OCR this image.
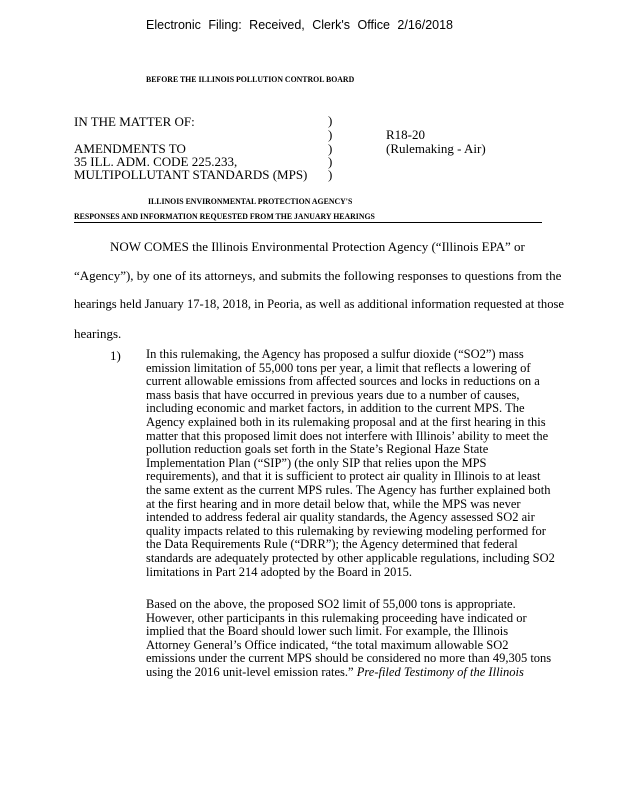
Electronic Filing: Received, Clerk's Office 2/16/2018
BEFORE THE ILLINOIS POLLUTION CONTROL BOARD
IN THE MATTER OF:
AMENDMENTS TO
35 ILL. ADM. CODE 225.233,
MULTIPOLLUTANT STANDARDS (MPS)
)
)
)
)
)
R18-20
(Rulemaking - Air)
ILLINOIS ENVIRONMENTAL PROTECTION AGENCY'S
RESPONSES AND INFORMATION REQUESTED FROM THE JANUARY HEARINGS
NOW COMES the Illinois Environmental Protection Agency (“Illinois EPA” or
“Agency”), by one of its attorneys, and submits the following responses to questions from the
hearings held January 17-18, 2018, in Peoria, as well as additional information requested at those
hearings.
1) In this rulemaking, the Agency has proposed a sulfur dioxide (“SO2”) mass
emission limitation of 55,000 tons per year, a limit that reflects a lowering of
current allowable emissions from affected sources and locks in reductions on a
mass basis that have occurred in previous years due to a number of causes,
including economic and market factors, in addition to the current MPS. The
Agency explained both in its rulemaking proposal and at the first hearing in this
matter that this proposed limit does not interfere with Illinois’ ability to meet the
pollution reduction goals set forth in the State’s Regional Haze State
Implementation Plan (“SIP”) (the only SIP that relies upon the MPS
requirements), and that it is sufficient to protect air quality in Illinois to at least
the same extent as the current MPS rules. The Agency has further explained both
at the first hearing and in more detail below that, while the MPS was never
intended to address federal air quality standards, the Agency assessed SO2 air
quality impacts related to this rulemaking by reviewing modeling performed for
the Data Requirements Rule (“DRR”); the Agency determined that federal
standards are adequately protected by other applicable regulations, including SO2
limitations in Part 214 adopted by the Board in 2015.
Based on the above, the proposed SO2 limit of 55,000 tons is appropriate.
However, other participants in this rulemaking proceeding have indicated or
implied that the Board should lower such limit. For example, the Illinois
Attorney General’s Office indicated, “the total maximum allowable SO2
emissions under the current MPS should be considered no more than 49,305 tons
using the 2016 unit-level emission rates.” Pre-filed Testimony of the Illinois
